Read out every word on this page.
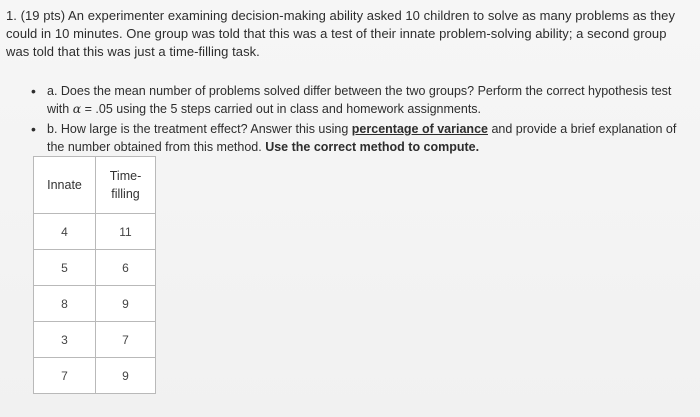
1. (19 pts) An experimenter examining decision-making ability asked 10 children to solve as many problems as they
could in 10 minutes. One group was told that this was a test of their innate problem-solving ability; a second group
was told that this was just a time-filling task.
• a. Does the mean number of problems solved differ between the two groups? Perform the correct hypothesis test
with α = .05 using the 5 steps carried out in class and homework assignments.
• b. How large is the treatment effect? Answer this using percentage of variance and provide a brief explanation of
the number obtained from this method. Use the correct method to compute.
Innate	Time-
filling
4	11
5	6
8	9
3	7
7	9
